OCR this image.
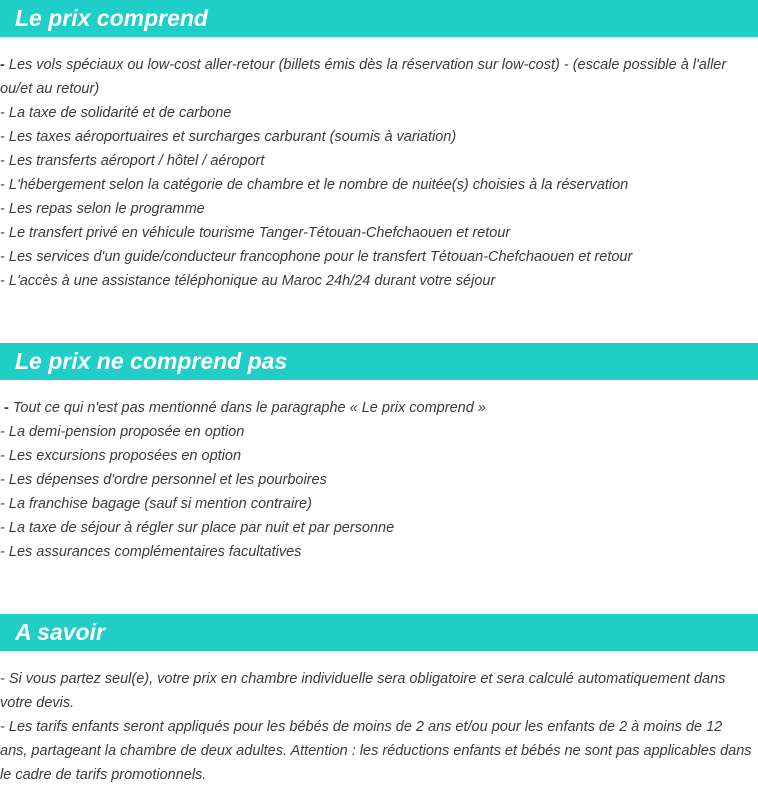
Le prix comprend

- Les vols spéciaux ou low-cost aller-retour (billets émis dès la réservation sur low-cost) - (escale possible à l'aller ou/et au retour)

- La taxe de solidarité et de carbone

- Les taxes aéroportuaires et surcharges carburant (soumis à variation)

- Les transferts aéroport / hôtel / aéroport

- L'hébergement selon la catégorie de chambre et le nombre de nuitée(s) choisies à la réservation

- Les repas selon le programme

- Le transfert privé en véhicule tourisme Tanger-Tétouan-Chefchaouen et retour

- Les services d'un guide/conducteur francophone pour le transfert Tétouan-Chefchaouen et retour

- L'accès à une assistance téléphonique au Maroc 24h/24 durant votre séjour

Le prix ne comprend pas

- Tout ce qui n'est pas mentionné dans le paragraphe « Le prix comprend »

- La demi-pension proposée en option

- Les excursions proposées en option

- Les dépenses d'ordre personnel et les pourboires

- La franchise bagage (sauf si mention contraire)

- La taxe de séjour à régler sur place par nuit et par personne

- Les assurances complémentaires facultatives

A savoir

- Si vous partez seul(e), votre prix en chambre individuelle sera obligatoire et sera calculé automatiquement dans votre devis.

- Les tarifs enfants seront appliqués pour les bébés de moins de 2 ans et/ou pour les enfants de 2 à moins de 12 ans, partageant la chambre de deux adultes. Attention : les réductions enfants et bébés ne sont pas applicables dans le cadre de tarifs promotionnels.
